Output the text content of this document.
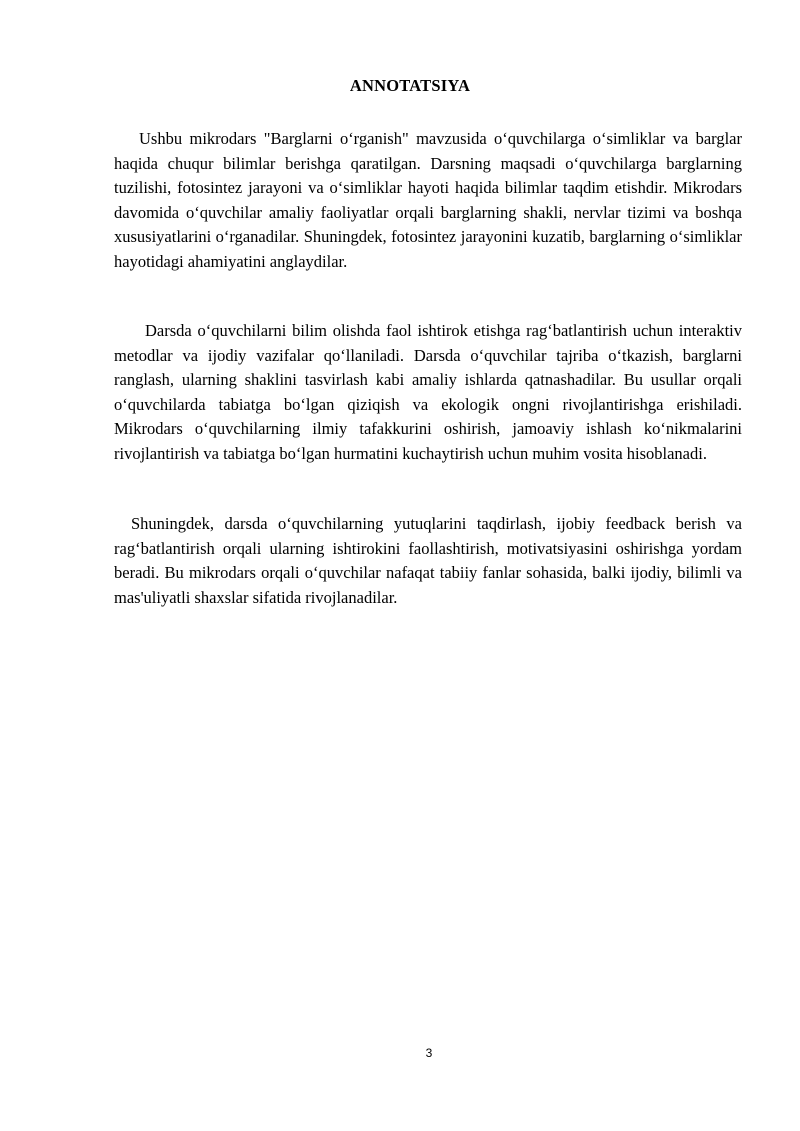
ANNOTATSIYA

Ushbu mikrodars "Barglarni o‘rganish" mavzusida o‘quvchilarga o‘simliklar va barglar haqida chuqur bilimlar berishga qaratilgan. Darsning maqsadi o‘quvchilarga barglarning tuzilishi, fotosintez jarayoni va o‘simliklar hayoti haqida bilimlar taqdim etishdir. Mikrodars davomida o‘quvchilar amaliy faoliyatlar orqali barglarning shakli, nervlar tizimi va boshqa xususiyatlarini o‘rganadilar. Shuningdek, fotosintez jarayonini kuzatib, barglarning o‘simliklar hayotidagi ahamiyatini anglaydilar.

Darsda o‘quvchilarni bilim olishda faol ishtirok etishga rag‘batlantirish uchun interaktiv metodlar va ijodiy vazifalar qo‘llaniladi. Darsda o‘quvchilar tajriba o‘tkazish, barglarni ranglash, ularning shaklini tasvirlash kabi amaliy ishlarda qatnashadilar. Bu usullar orqali o‘quvchilarda tabiatga bo‘lgan qiziqish va ekologik ongni rivojlantirishga erishiladi. Mikrodars o‘quvchilarning ilmiy tafakkurini oshirish, jamoaviy ishlash ko‘nikmalarini rivojlantirish va tabiatga bo‘lgan hurmatini kuchaytirish uchun muhim vosita hisoblanadi.

Shuningdek, darsda o‘quvchilarning yutuqlarini taqdirlash, ijobiy feedback berish va rag‘batlantirish orqali ularning ishtirokini faollashtirish, motivatsiyasini oshirishga yordam beradi. Bu mikrodars orqali o‘quvchilar nafaqat tabiiy fanlar sohasida, balki ijodiy, bilimli va mas'uliyatli shaxslar sifatida rivojlanadilar.

3
